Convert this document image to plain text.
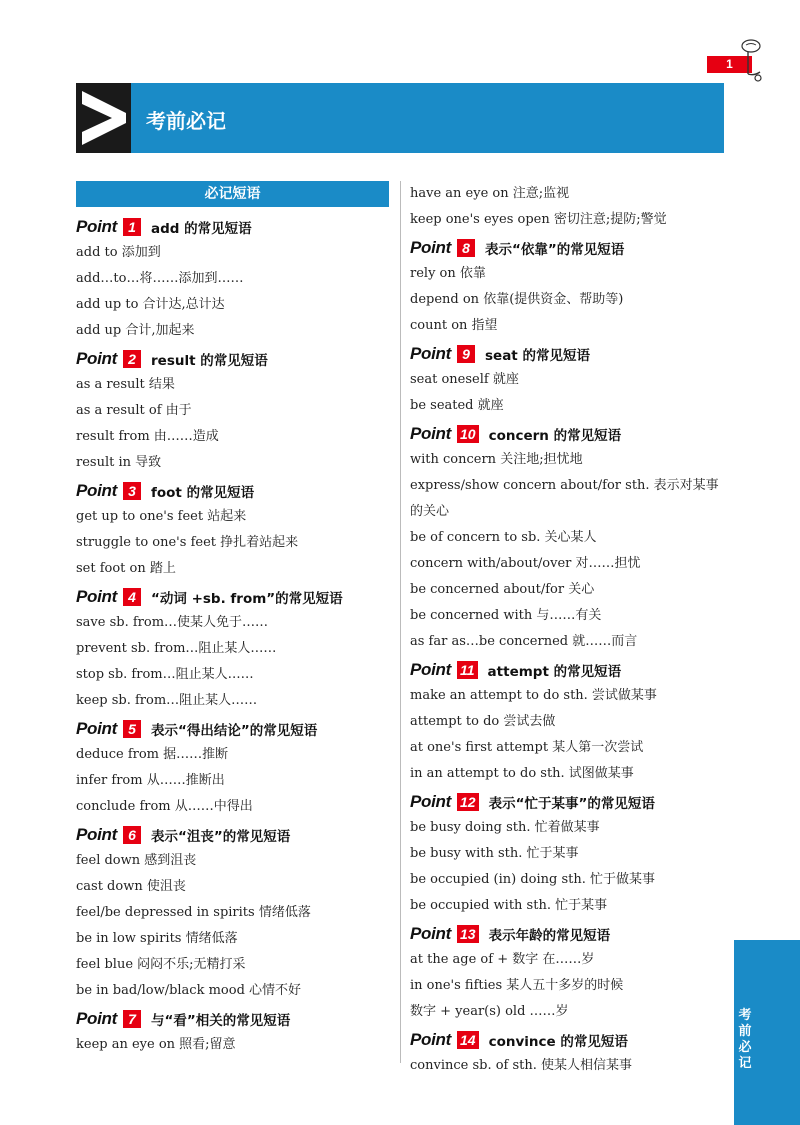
1
考前必记
必记短语
Point 1	add 的常见短语
add to 添加到
add…to…将……添加到……
add up to 合计达,总计达
add up 合计,加起来
Point 2	result 的常见短语
as a result 结果
as a result of 由于
result from 由……造成
result in 导致
Point 3	foot 的常见短语
get up to one's feet 站起来
struggle to one's feet 挣扎着站起来
set foot on 踏上
Point 4	“动词 +sb. from”的常见短语
save sb. from…使某人免于……
prevent sb. from…阻止某人……
stop sb. from…阻止某人……
keep sb. from…阻止某人……
Point 5	表示“得出结论”的常见短语
deduce from 据……推断
infer from 从……推断出
conclude from 从……中得出
Point 6	表示“沮丧”的常见短语
feel down 感到沮丧
cast down 使沮丧
feel/be depressed in spirits 情绪低落
be in low spirits 情绪低落
feel blue 闷闷不乐;无精打采
be in bad/low/black mood 心情不好
Point 7	与“看”相关的常见短语
keep an eye on 照看;留意
have an eye on 注意;监视
keep one's eyes open 密切注意;提防;警觉
Point 8	表示“依靠”的常见短语
rely on 依靠
depend on 依靠(提供资金、帮助等)
count on 指望
Point 9	seat 的常见短语
seat oneself 就座
be seated 就座
Point 10 concern 的常见短语
with concern 关注地;担忧地
express/show concern about/for sth. 表示对某事
的关心
be of concern to sb. 关心某人
concern with/about/over 对……担忧
be concerned about/for 关心
be concerned with 与……有关
as far as…be concerned 就……而言
Point 11 attempt 的常见短语
make an attempt to do sth. 尝试做某事
attempt to do 尝试去做
at one's first attempt 某人第一次尝试
in an attempt to do sth. 试图做某事
Point 12 表示“忙于某事”的常见短语
be busy doing sth. 忙着做某事
be busy with sth. 忙于某事
be occupied (in) doing sth. 忙于做某事
be occupied with sth. 忙于某事
Point 13 表示年龄的常见短语
at the age of + 数字 在……岁
in one's fifties 某人五十多岁的时候
数字 + year(s) old ……岁
Point 14 convince 的常见短语
convince sb. of sth. 使某人相信某事
考
前
必
记
